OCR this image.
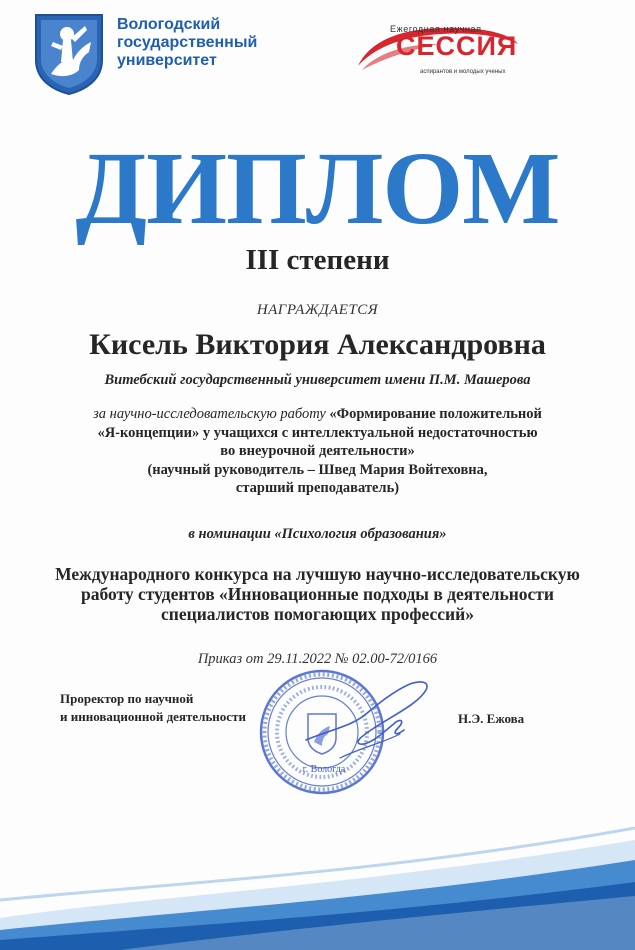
Вологодский
государственный
университет
Ежегодная научная
СЕССИЯ
аспирантов и молодых ученых
ДИПЛОМ
III степени
НАГРАЖДАЕТСЯ
Кисель Виктория Александровна
Витебский государственный университет имени П.М. Машерова
за научно-исследовательскую работу «Формирование положительной
«Я-концепции» у учащихся с интеллектуальной недостаточностью
во внеурочной деятельности»
(научный руководитель – Швед Мария Войтеховна,
старший преподаватель)
в номинации «Психология образования»
Международного конкурса на лучшую научно-исследовательскую
работу студентов «Инновационные подходы в деятельности
специалистов помогающих профессий»
Приказ от 29.11.2022 № 02.00-72/0166
Проректор по научной
и инновационной деятельности
г. Вологда
Н.Э. Ежова
